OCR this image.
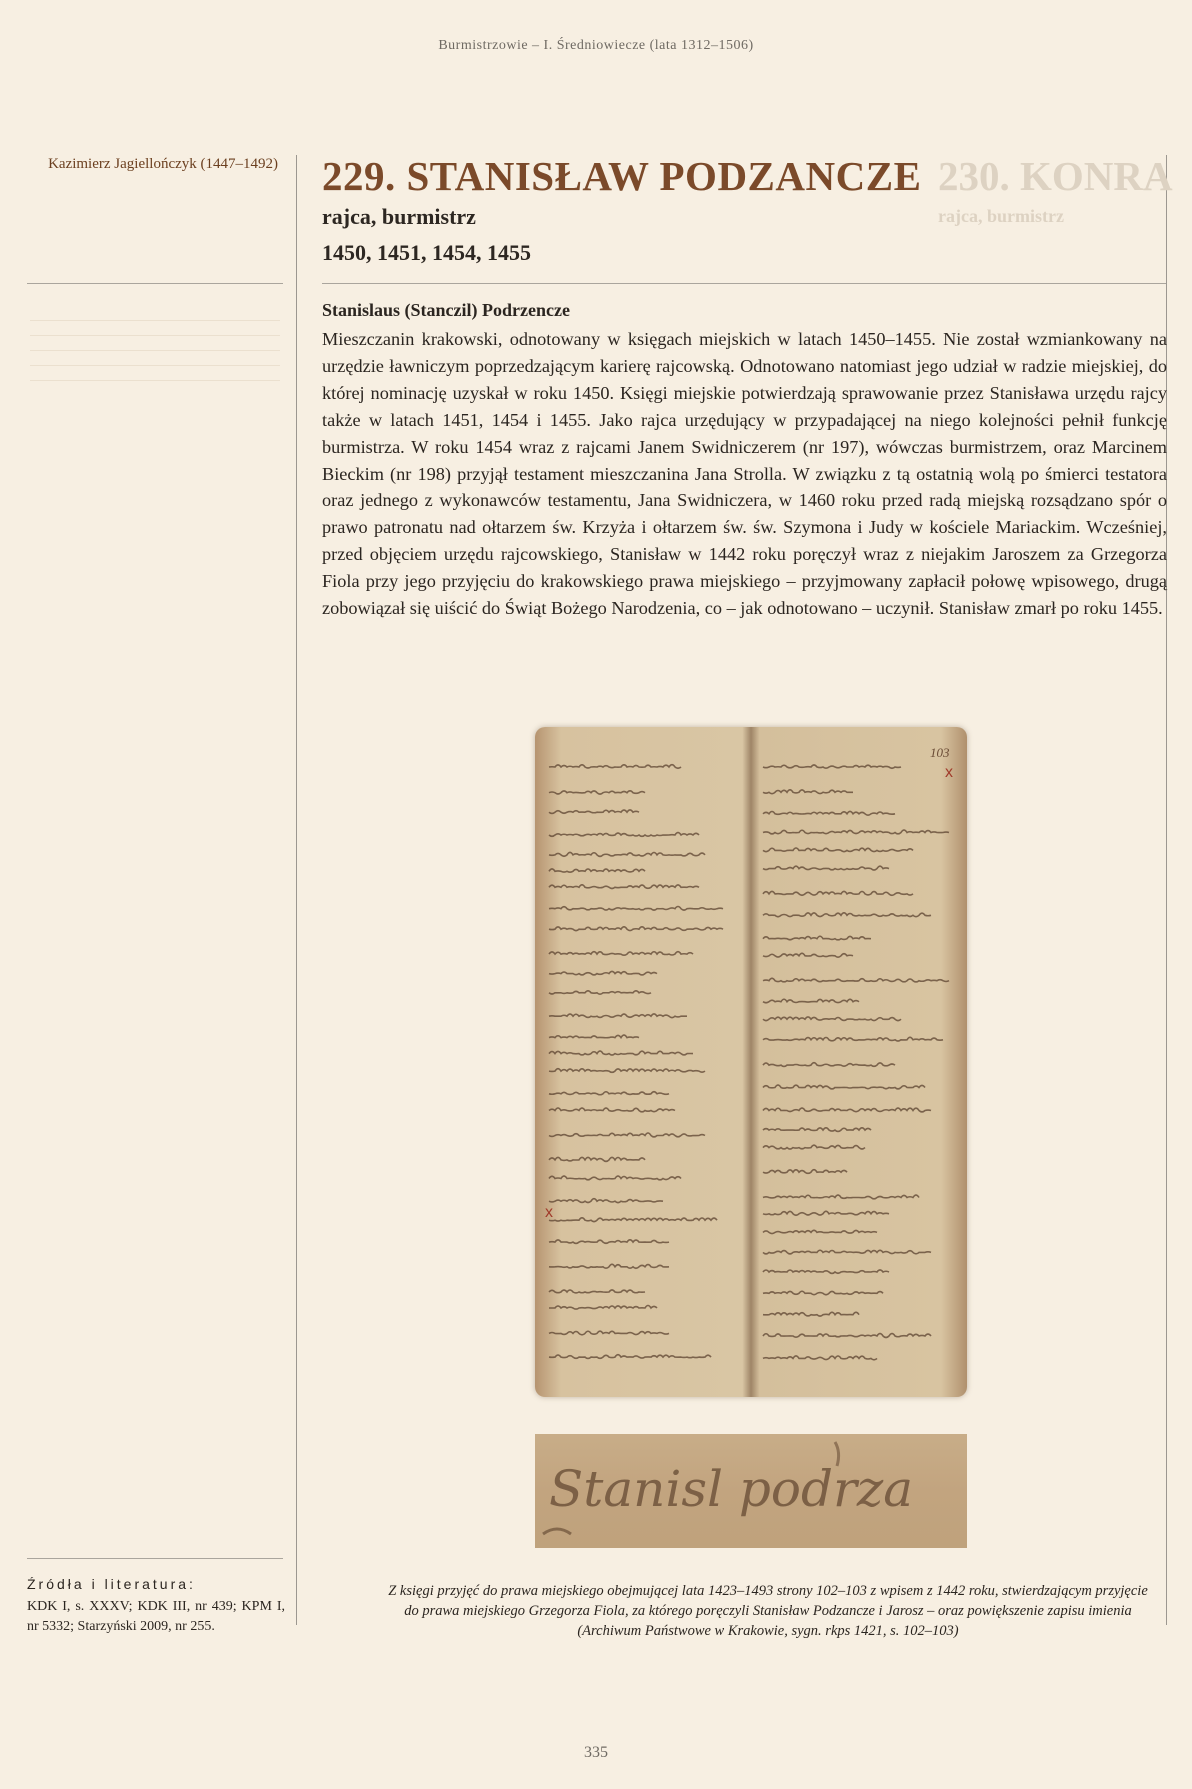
Burmistrzowie – I. Średniowiecze (lata 1312–1506)
Kazimierz Jagiellończyk (1447–1492)	230. KONRA
rajca, burmistrz
229. STANISŁAW PODZANCZE
rajca, burmistrz
1450, 1451, 1454, 1455
Stanislaus (Stanczil) Podrzencze

Mieszczanin krakowski, odnotowany w księgach miejskich w latach 1450–1455. Nie został wzmiankowany na urzędzie ławniczym poprzedzającym karierę rajcowską. Odnotowano natomiast jego udział w radzie miejskiej, do której nominację uzyskał w roku 1450. Księgi miejskie potwierdzają sprawowanie przez Stanisława urzędu rajcy także w latach 1451, 1454 i 1455. Jako rajca urzędujący w przypadającej na niego kolejności pełnił funkcję burmistrza. W roku 1454 wraz z rajcami Janem Swidniczerem (nr 197), wówczas burmistrzem, oraz Marcinem Bieckim (nr 198) przyjął testament mieszczanina Jana Strolla. W związku z tą ostatnią wolą po śmierci testatora oraz jednego z wykonawców testamentu, Jana Swidniczera, w 1460 roku przed radą miejską rozsądzano spór o prawo patronatu nad ołtarzem św. Krzyża i ołtarzem św. św. Szymona i Judy w kościele Mariackim. Wcześniej, przed objęciem urzędu rajcowskiego, Stanisław w 1442 roku poręczył wraz z niejakim Jaroszem za Grzegorza Fiola przy jego przyjęciu do krakowskiego prawa miejskiego – przyjmowany zapłacił połowę wpisowego, drugą zobowiązał się uiścić do Świąt Bożego Narodzenia, co – jak odnotowano – uczynił. Stanisław zmarł po roku 1455.

103
x
x
Stanisl podrza
Źródła i literatura:

KDK I, s. XXXV; KDK III, nr 439; KPM I, nr 5332; Starzyński 2009, nr 255.

Z księgi przyjęć do prawa miejskiego obejmującej lata 1423–1493 strony 102–103 z wpisem z 1442 roku, stwierdzającym przyjęcie do prawa miejskiego Grzegorza Fiola, za którego poręczyli Stanisław Podzancze i Jarosz – oraz powiększenie zapisu imienia (Archiwum Państwowe w Krakowie, sygn. rkps 1421, s. 102–103)

335
